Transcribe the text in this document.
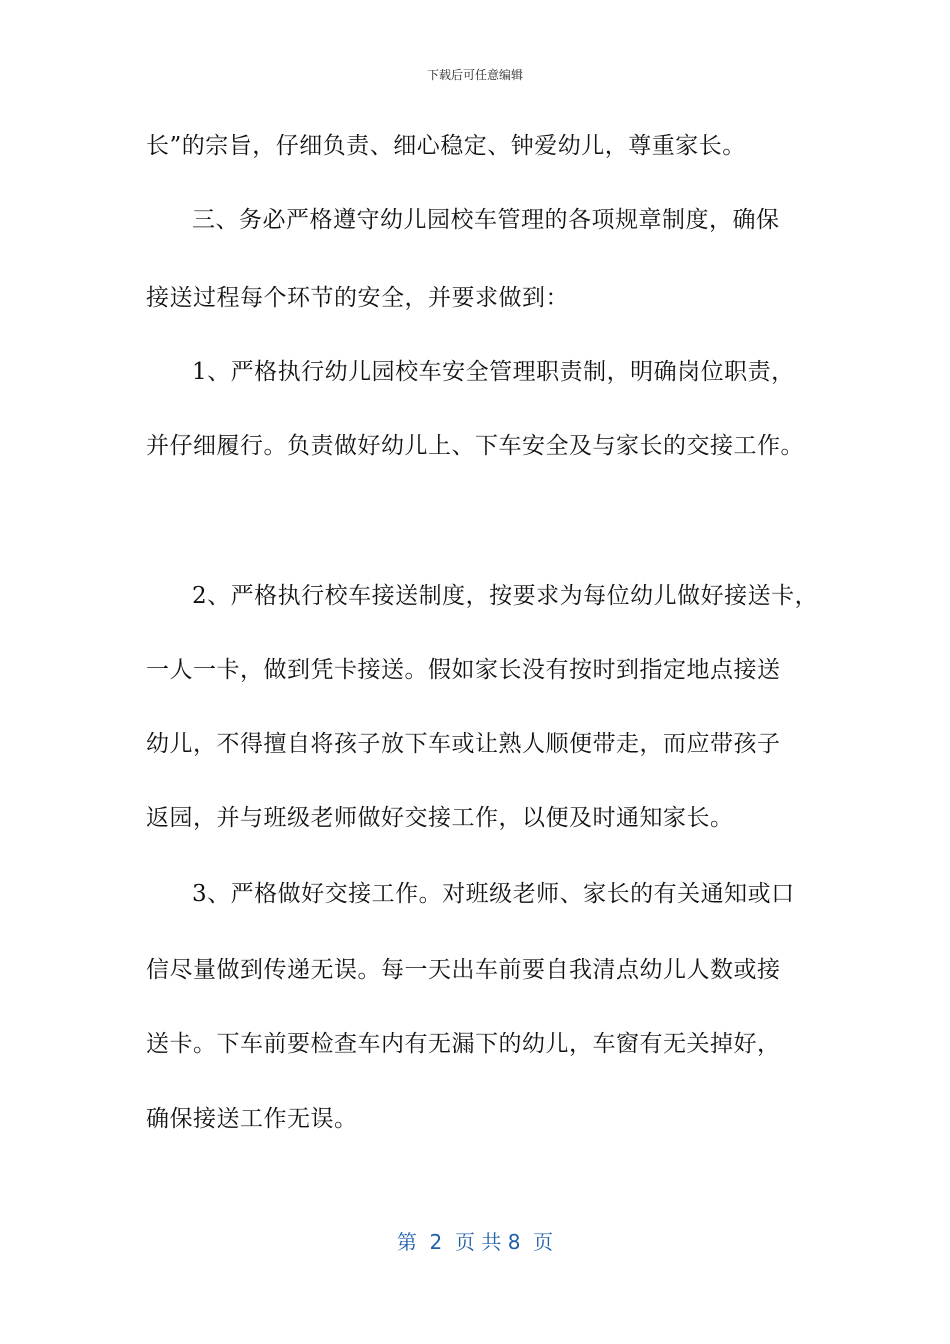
下载后可任意编辑
长”的宗旨，仔细负责、细心稳定、钟爱幼儿，尊重家长。
三、务必严格遵守幼儿园校车管理的各项规章制度，确保
接送过程每个环节的安全，并要求做到：
1、严格执行幼儿园校车安全管理职责制，明确岗位职责，
并仔细履行。负责做好幼儿上、下车安全及与家长的交接工作。
2、严格执行校车接送制度，按要求为每位幼儿做好接送卡，
一人一卡，做到凭卡接送。假如家长没有按时到指定地点接送
幼儿，不得擅自将孩子放下车或让熟人顺便带走，而应带孩子
返园，并与班级老师做好交接工作，以便及时通知家长。
3、严格做好交接工作。对班级老师、家长的有关通知或口
信尽量做到传递无误。每一天出车前要自我清点幼儿人数或接
送卡。下车前要检查车内有无漏下的幼儿，车窗有无关掉好，
确保接送工作无误。
第  2  页 共 8  页
